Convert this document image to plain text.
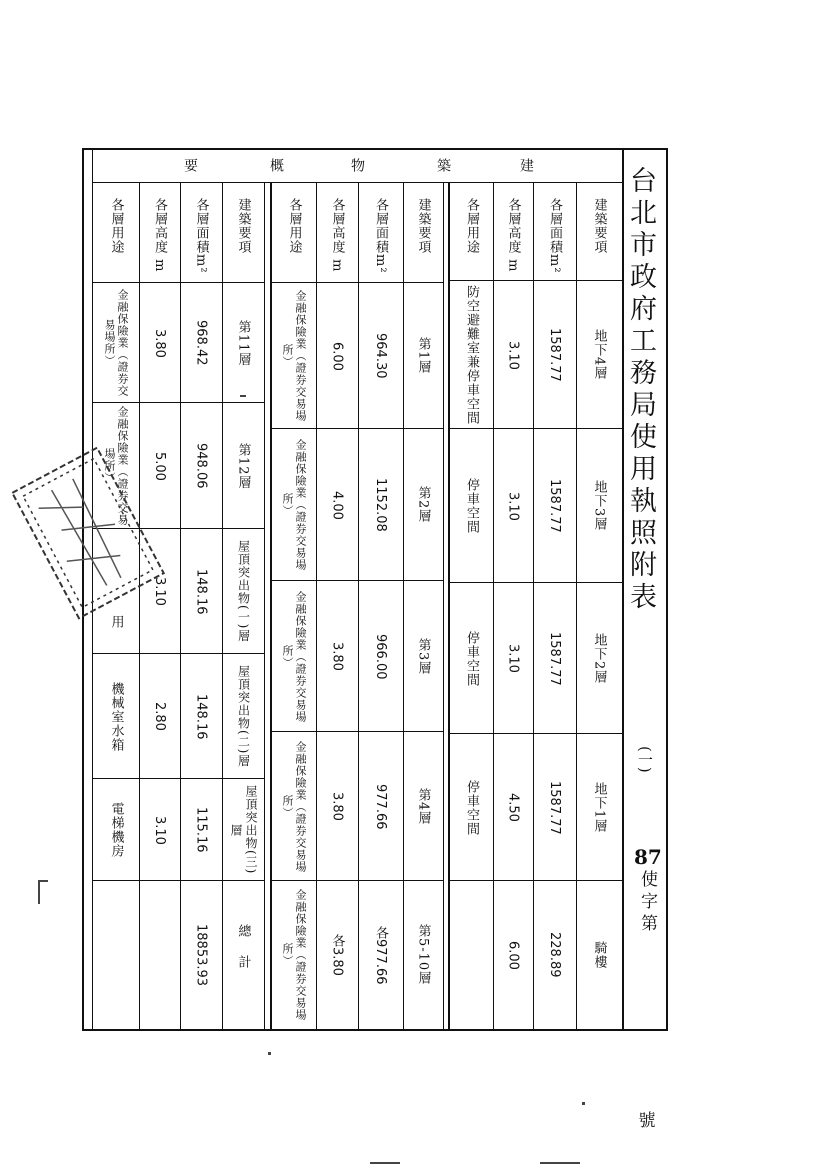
台北市政府工務局使用執照附表
(一)
87
使字第
號
建
築
物
概
要
建築要項
各層面積m²
各層高度 m
各層用途
地下4層
1587.77
3.10
防空避難室兼停車空間
地下3層
1587.77
3.10
停車空間
地下2層
1587.77
3.10
停車空間
地下1層
1587.77
4.50
停車空間
騎樓
228.89
6.00
建築要項
各層面積m²
各層高度 m
各層用途
第1層
964.30
6.00
金融保險業（證券交易場所）
第2層
1152.08
4.00
金融保險業（證券交易場所）
第3層
966.00
3.80
金融保險業（證券交易場所）
第4層
977.66
3.80
金融保險業（證券交易場所）
第5-10層
各977.66
各3.80
金融保險業（證券交易場所）
建築要項
各層面積m²
各層高度 m
各層用途
第11層
968.42
3.80
金融保險業（證券交易場所）
第12層
948.06
5.00
金融保險業（證券交易場所）
屋頂突出物(一)層
148.16
3.10
用
屋頂突出物(二)層
148.16
2.80
機械室水箱
屋頂突出物(三)層
115.16
3.10
電梯機房
總計
18853.93
